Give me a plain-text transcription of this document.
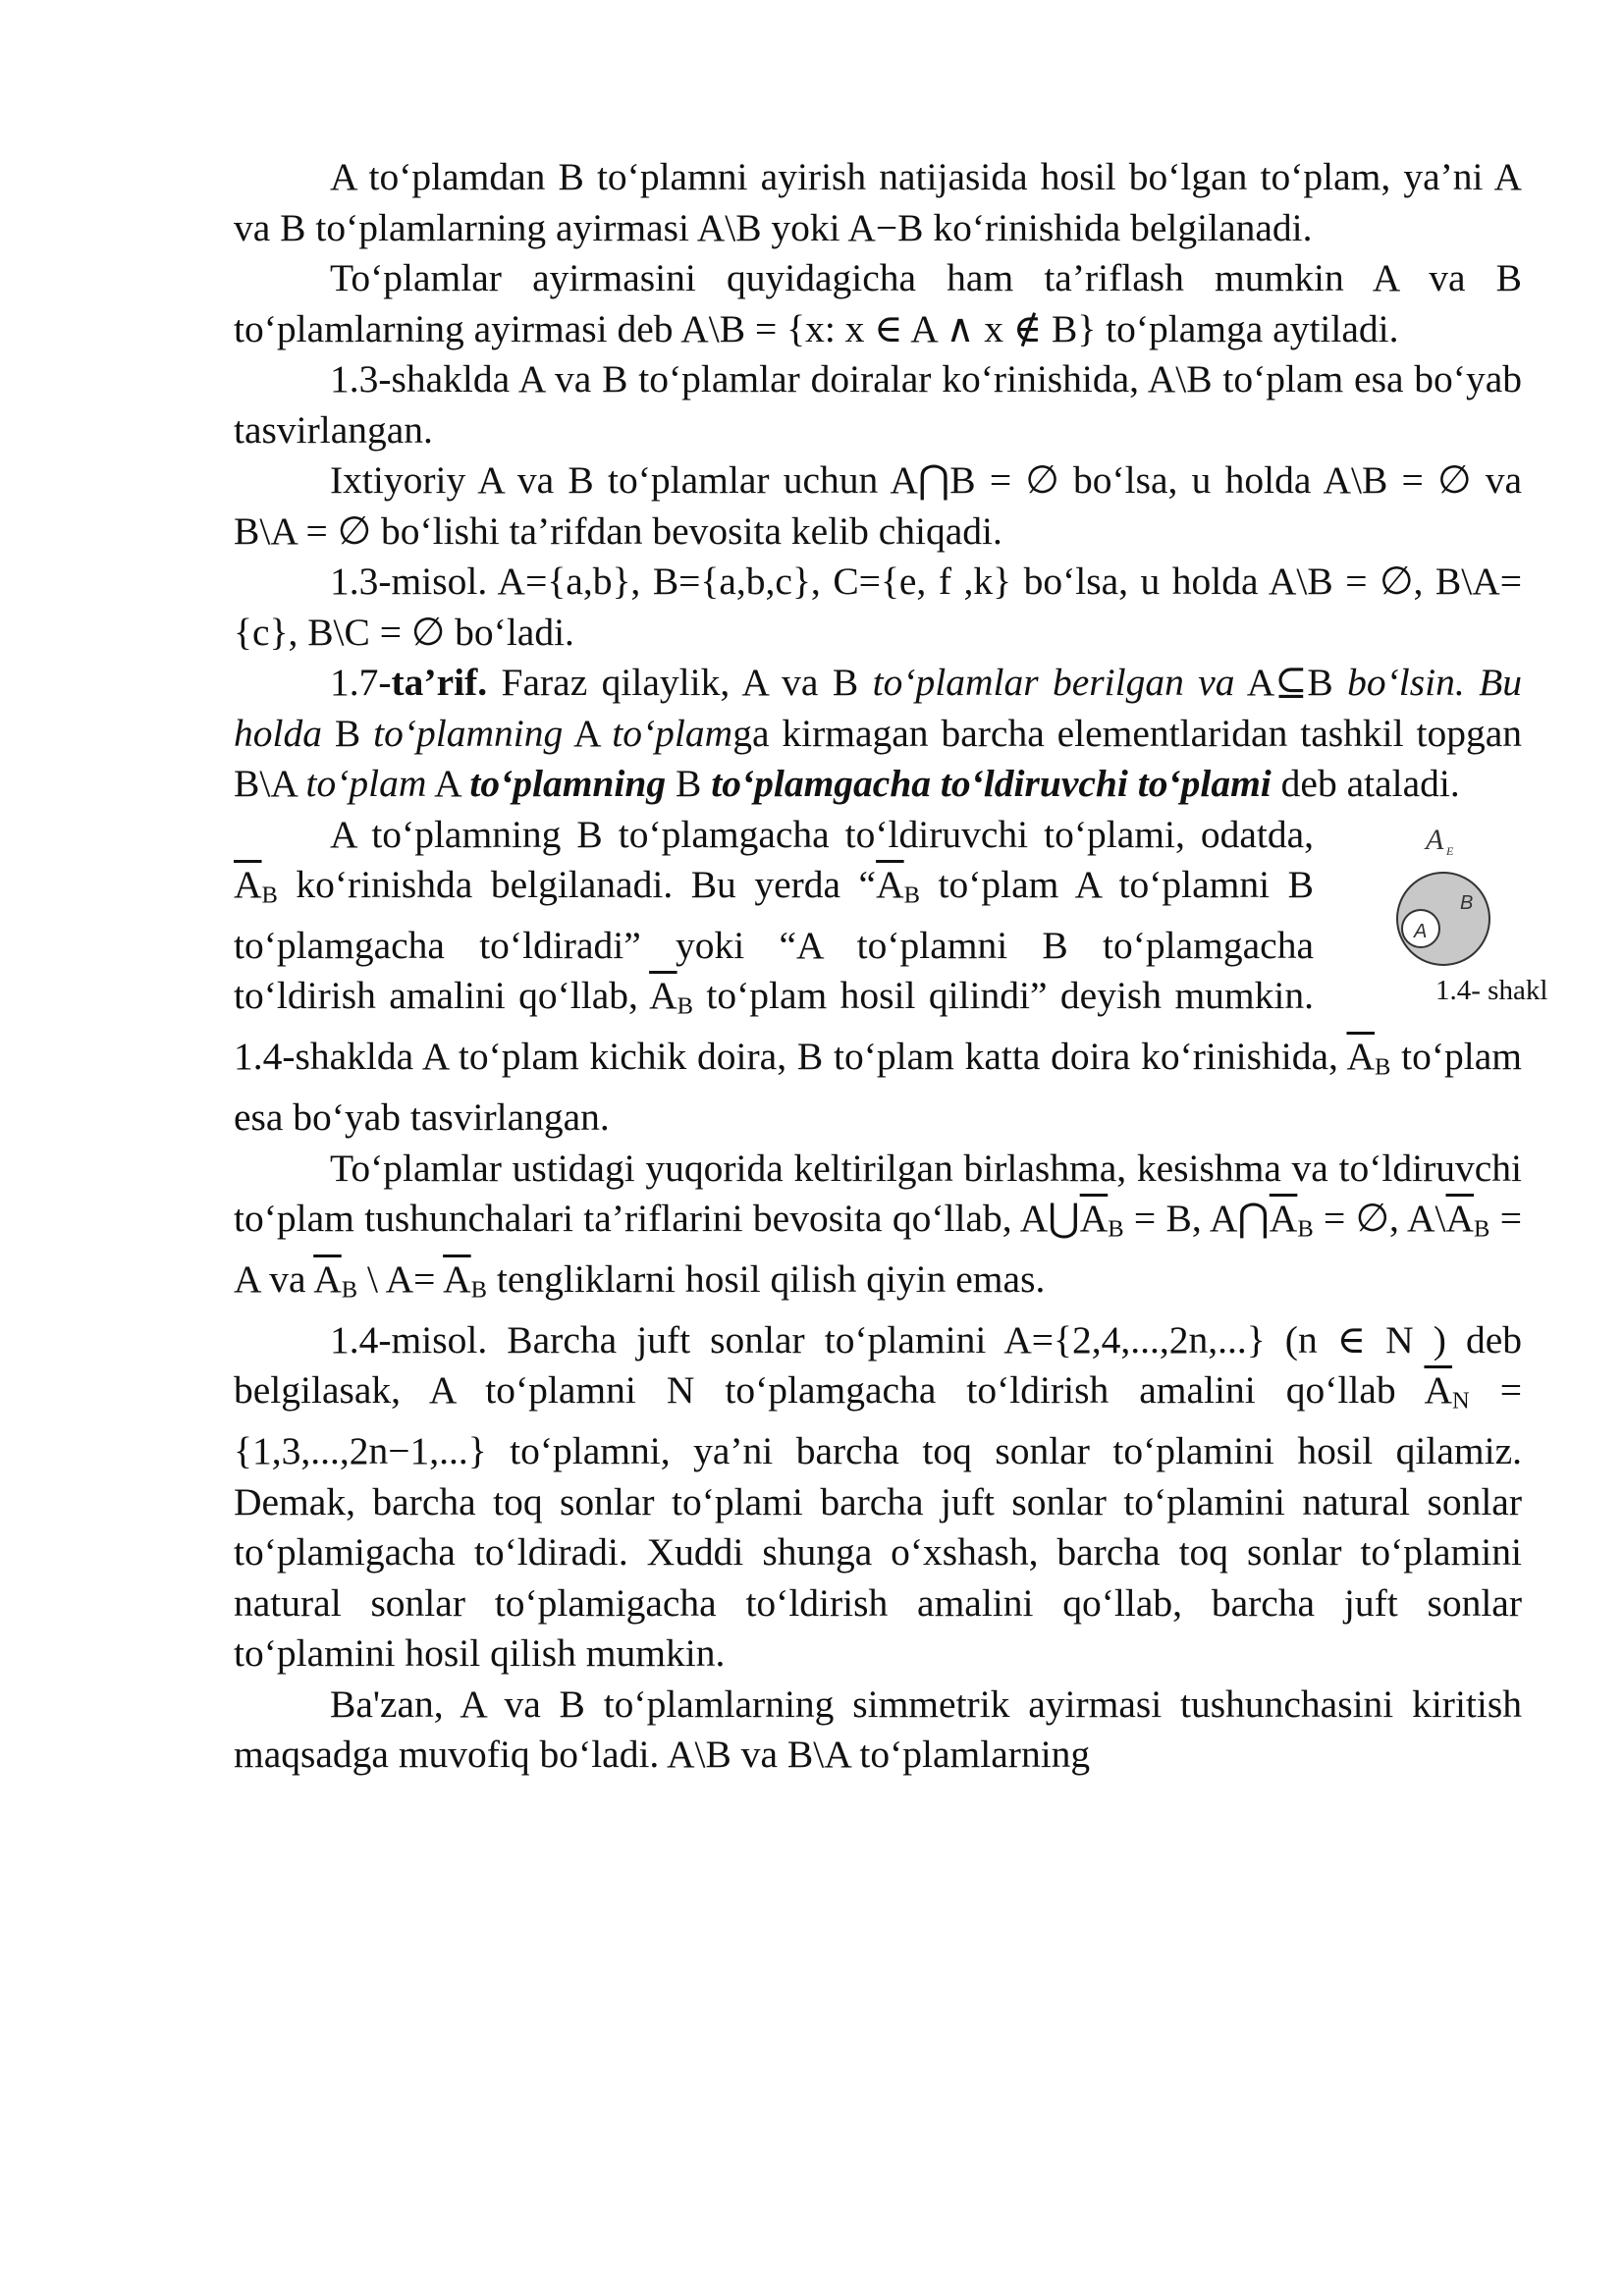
A to‘plamdan B to‘plamni ayirish natijasida hosil bo‘lgan to‘plam, ya’ni A va B to‘plamlarning ayirmasi A\B yoki A−B ko‘rinishida belgilanadi.

To‘plamlar ayirmasini quyidagicha ham ta’riflash mumkin A va B to‘plamlarning ayirmasi deb A\B = {x: x ∈ A ∧ x ∉ B} to‘plamga aytiladi.

1.3-shaklda A va B to‘plamlar doiralar ko‘rinishida, A\B to‘plam esa bo‘yab tasvirlangan.

Ixtiyoriy A va B to‘plamlar uchun A⋂B = ∅ bo‘lsa, u holda A\B = ∅ va B\A = ∅ bo‘lishi ta’rifdan bevosita kelib chiqadi.

1.3-misol. A={a,b}, B={a,b,c}, C={e, f ,k} bo‘lsa, u holda A\B = ∅, B\A={c}, B\C = ∅ bo‘ladi.

1.7-ta’rif. Faraz qilaylik, A va B to‘plamlar berilgan va A⊆B bo‘lsin. Bu holda B to‘plamning A to‘plamga kirmagan barcha elementlaridan tashkil topgan B\A to‘plam A to‘plamning B to‘plamgacha to‘ldiruvchi to‘plami deb ataladi.

A E
A
B
1.4- shakl
A to‘plamning B to‘plamgacha to‘ldiruvchi to‘plami, odatda, $\overline{A}_B$ ko‘rinishda belgilanadi. Bu yerda “$\overline{A}_B$ to‘plam A to‘plamni B to‘plamgacha to‘ldiradi” yoki “A to‘plamni B to‘plamgacha to‘ldirish amalini qo‘llab, $\overline{A}_B$ to‘plam hosil qilindi” deyish mumkin. 1.4-shaklda A to‘plam kichik doira, B to‘plam katta doira ko‘rinishida, $\overline{A}_B$ to‘plam esa bo‘yab tasvirlangan.

To‘plamlar ustidagi yuqorida keltirilgan birlashma, kesishma va to‘ldiruvchi to‘plam tushunchalari ta’riflarini bevosita qo‘llab, $A⋃\overline{A}_B = B$, $A⋂\overline{A}_B$ = ∅, $A\backslash\overline{A}_B = A$ va $\overline{A}_B$ \ $A= \overline{A}_B$ tengliklarni hosil qilish qiyin emas.

1.4-misol. Barcha juft sonlar to‘plamini A={2,4,...,2n,...} (n ∈ N ) deb belgilasak, A to‘plamni N to‘plamgacha to‘ldirish amalini qo‘llab $\overline{A}_N =\{1,3,...,2n-1,...\}$ to‘plamni, ya’ni barcha toq sonlar to‘plamini hosil qilamiz. Demak, barcha toq sonlar to‘plami barcha juft sonlar to‘plamini natural sonlar to‘plamigacha to‘ldiradi. Xuddi shunga o‘xshash, barcha toq sonlar to‘plamini natural sonlar to‘plamigacha to‘ldirish amalini qo‘llab, barcha juft sonlar to‘plamini hosil qilish mumkin.

Ba'zan, A va B to‘plamlarning simmetrik ayirmasi tushunchasini kiritish maqsadga muvofiq bo‘ladi. A\B va B\A to‘plamlarning
